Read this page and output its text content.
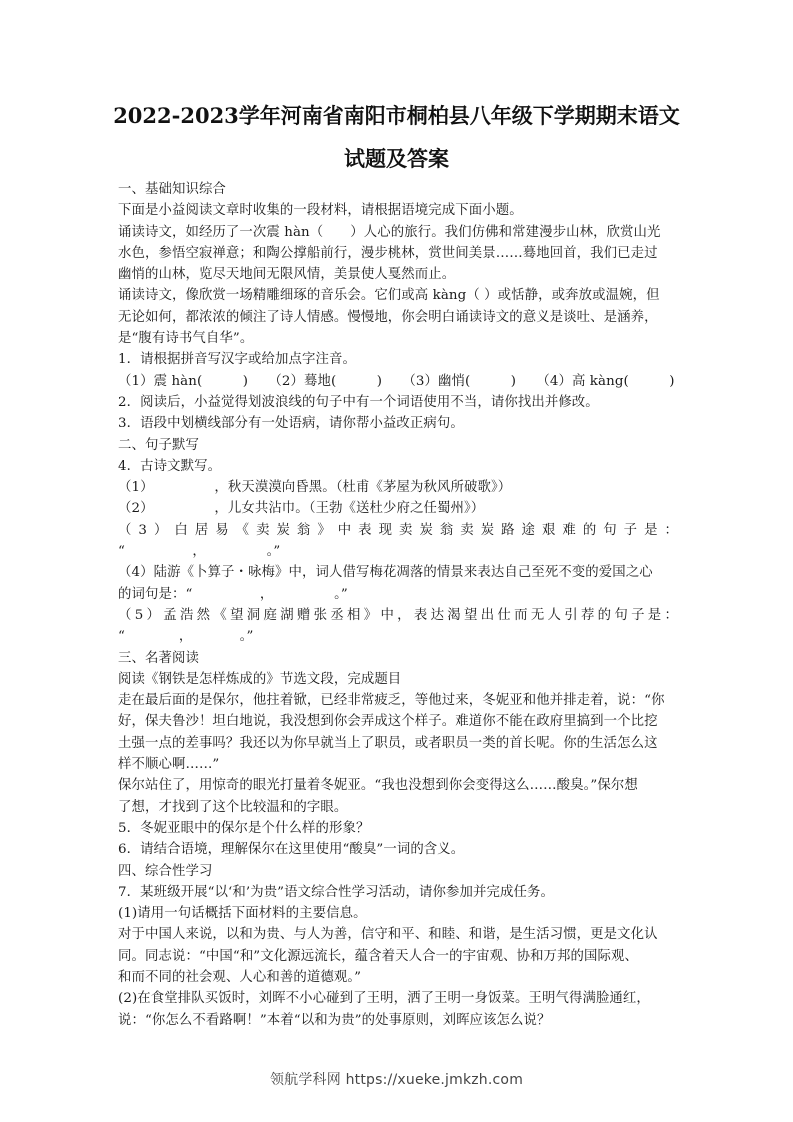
2022-2023学年河南省南阳市桐柏县八年级下学期期末语文
试题及答案

一、基础知识综合

下面是小益阅读文章时收集的一段材料，请根据语境完成下面小题。

诵读诗文，如经历了一次震 hàn（　　）人心的旅行。我们仿佛和常建漫步山林，欣赏山光

水色，参悟空寂禅意；和陶公撑船前行，漫步桃林，赏世间美景……蓦地回首，我们已走过

幽悄的山林，览尽天地间无限风情，美景使人戛然而止。

诵读诗文，像欣赏一场精雕细琢的音乐会。它们或高 kàng（ ）或恬静，或奔放或温婉，但

无论如何，都浓浓的倾注了诗人情感。慢慢地，你会明白诵读诗文的意义是谈吐、是涵养，

是“腹有诗书气自华”。

1．请根据拼音写汉字或给加点字注音。

（1）震 hàn(　　　)　　（2）蓦地(　　　)　　（3）幽悄(　　　)　　（4）高 kàng(　　　)

2．阅读后，小益觉得划波浪线的句子中有一个词语使用不当，请你找出并修改。

3．语段中划横线部分有一处语病，请你帮小益改正病句。

二、句子默写

4．古诗文默写。

（1）　　　　　，秋天漠漠向昏黑。（杜甫《茅屋为秋风所破歌》）

（2）　　　　　，儿女共沾巾。（王勃《送杜少府之任蜀州》）

（3）白居易《卖炭翁》中表现卖炭翁卖炭路途艰难的句子是：

“　　　　　，　　　　　。”

（4）陆游《卜算子・咏梅》中，词人借写梅花凋落的情景来表达自己至死不变的爱国之心

的词句是：“　　　　　，　　　　　。”

（5）孟浩然《望洞庭湖赠张丞相》中，表达渴望出仕而无人引荐的句子是：

“　　　　，　　　　。”

三、名著阅读

阅读《钢铁是怎样炼成的》节选文段，完成题目

走在最后面的是保尔，他拄着锨，已经非常疲乏，等他过来，冬妮亚和他并排走着，说：“你

好，保夫鲁沙！坦白地说，我没想到你会弄成这个样子。难道你不能在政府里搞到一个比挖

土强一点的差事吗？我还以为你早就当上了职员，或者职员一类的首长呢。你的生活怎么这

样不顺心啊……”

保尔站住了，用惊奇的眼光打量着冬妮亚。“我也没想到你会变得这么……酸臭。”保尔想

了想，才找到了这个比较温和的字眼。

5．冬妮亚眼中的保尔是个什么样的形象？

6．请结合语境，理解保尔在这里使用“酸臭”一词的含义。

四、综合性学习

7．某班级开展“以‘和’为贵”语文综合性学习活动，请你参加并完成任务。

(1)请用一句话概括下面材料的主要信息。

对于中国人来说，以和为贵、与人为善，信守和平、和睦、和谐，是生活习惯，更是文化认

同。同志说：“中国“和”文化源远流长，蕴含着天人合一的宇宙观、协和万邦的国际观、

和而不同的社会观、人心和善的道德观。”

(2)在食堂排队买饭时，刘晖不小心碰到了王明，洒了王明一身饭菜。王明气得满脸通红，

说：“你怎么不看路啊！”本着“以和为贵”的处事原则，刘晖应该怎么说？

领航学科网 https://xueke.jmkzh.com
